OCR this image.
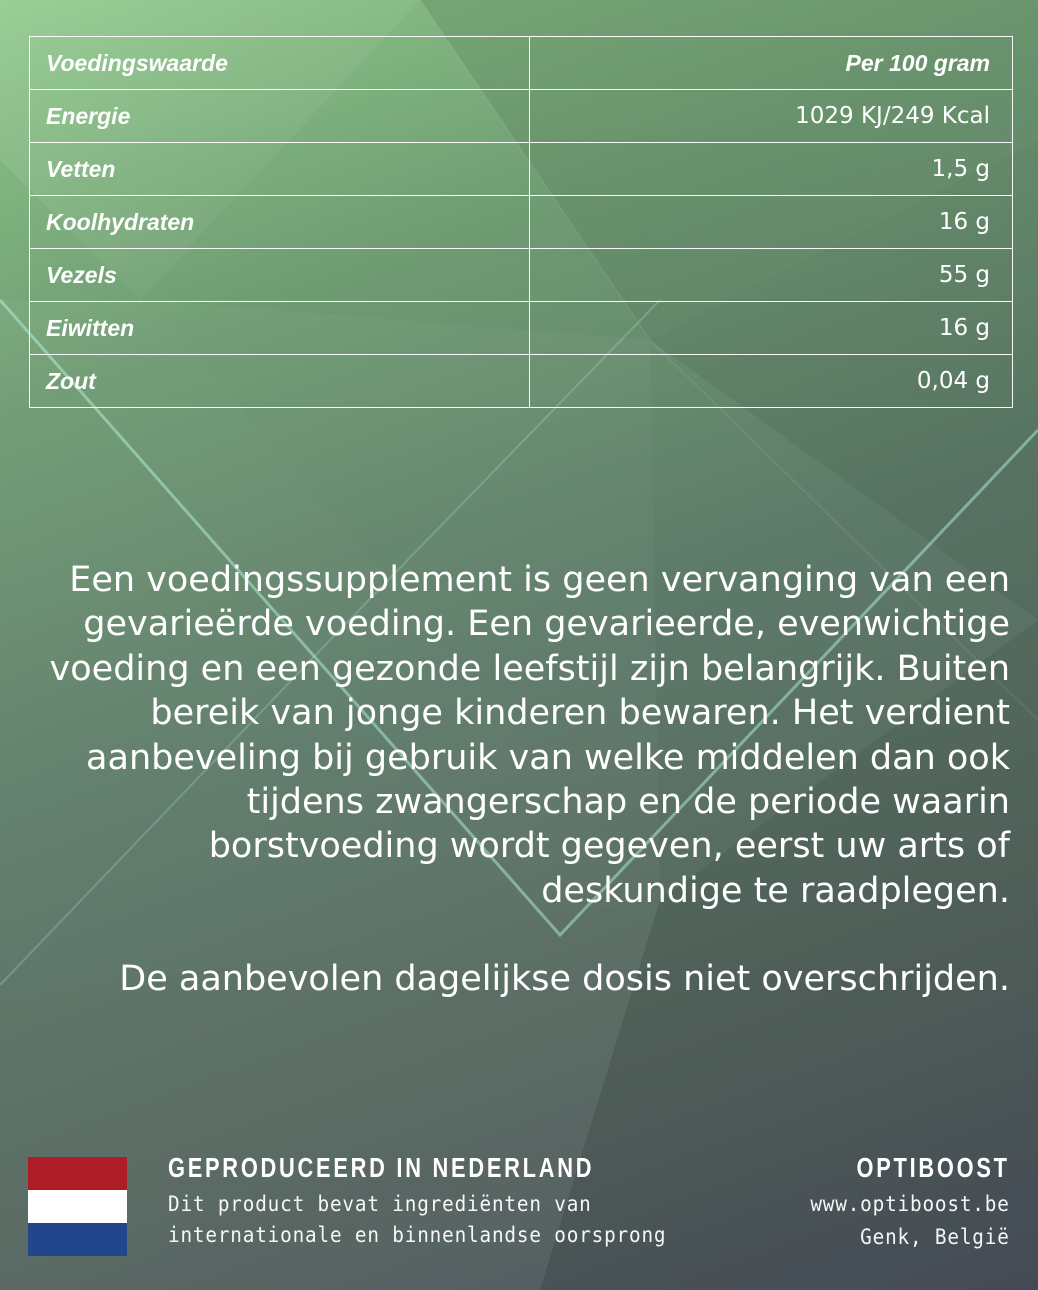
Voedingswaarde	Per 100 gram
Energie	1029 KJ/249 Kcal
Vetten	1,5 g
Koolhydraten	16 g
Vezels	55 g
Eiwitten	16 g
Zout	0,04 g

Een voedingssupplement is geen vervanging van een
gevarieërde voeding. Een gevarieerde, evenwichtige
voeding en een gezonde leefstijl zijn belangrijk. Buiten
bereik van jonge kinderen bewaren. Het verdient
aanbeveling bij gebruik van welke middelen dan ook
tijdens zwangerschap en de periode waarin
borstvoeding wordt gegeven, eerst uw arts of
deskundige te raadplegen.

De aanbevolen dagelijkse dosis niet overschrijden.

GEPRODUCEERD IN NEDERLAND
Dit product bevat ingrediënten van
internationale en binnenlandse oorsprong
OPTIBOOST
www.optiboost.be
Genk, België
